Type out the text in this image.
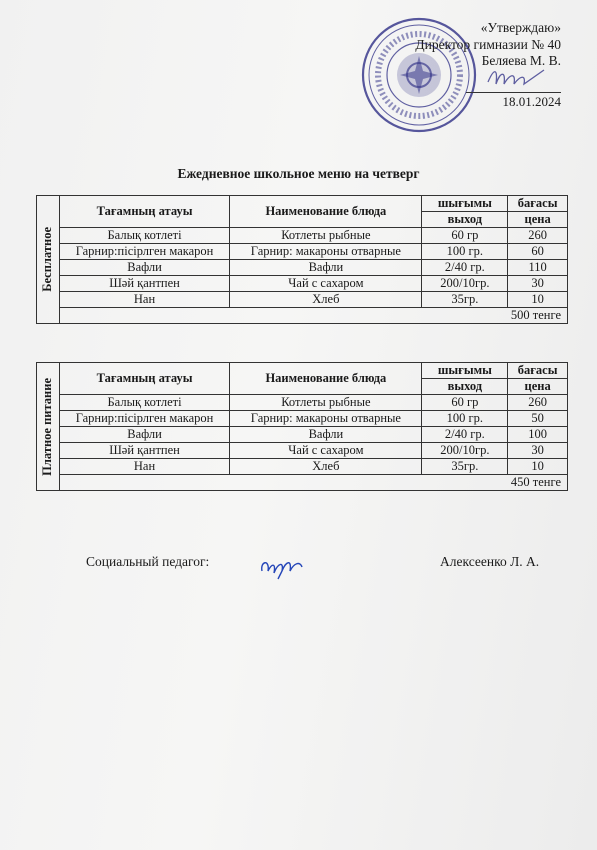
«Утверждаю»
Директор гимназии № 40
Беляева М. В.
18.01.2024
Ежедневное школьное меню на четверг
Бесплатное	Тағамның атауы	Наименование блюда	шығымы	бағасы
			выход	цена
	Балық котлеті	Котлеты рыбные	60 гр	260
	Гарнир:пісірлген макарон	Гарнир: макароны отварные	100 гр.	60
	Вафли	Вафли	2/40 гр.	110
	Шәй қантпен	Чай с сахаром	200/10гр.	30
	Нан	Хлеб	35гр.	10
	500 тенге			
Платное питание	Тағамның атауы	Наименование блюда	шығымы	бағасы
			выход	цена
	Балық котлеті	Котлеты рыбные	60 гр	260
	Гарнир:пісірлген макарон	Гарнир: макароны отварные	100 гр.	50
	Вафли	Вафли	2/40 гр.	100
	Шәй қантпен	Чай с сахаром	200/10гр.	30
	Нан	Хлеб	35гр.	10
	450 тенге			
Социальный педагог:	Алексеенко Л. А.
